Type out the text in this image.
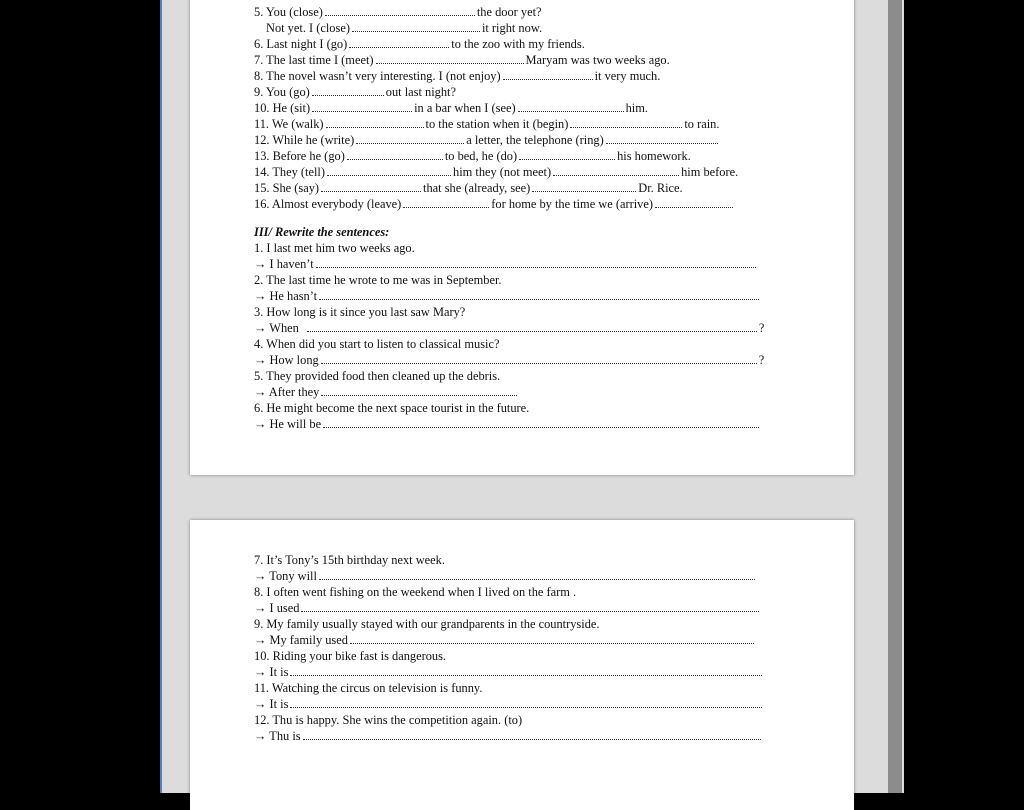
5. You (close)	the door yet?
Not yet. I (close)	it right now.
6. Last night I (go)	to the zoo with my friends.
7. The last time I (meet)	Maryam was two weeks ago.
8. The novel wasn’t very interesting. I (not enjoy)	it very much.
9. You (go)	out last night?
10. He (sit)	in a bar when I (see)	him.
11. We (walk)	to the station when it (begin)	to rain.
12. While he (write)	a letter, the telephone (ring)
13. Before he (go)	to bed, he (do)	his homework.
14. They (tell)	him they (not meet)	him before.
15. She (say)	that she (already, see)	Dr. Rice.
16. Almost everybody (leave)	for home by the time we (arrive)
III/ Rewrite the sentences:
1. I last met him two weeks ago.
→ I haven’t
2. The last time he wrote to me was in September.
→ He hasn’t
3. How long is it since you last saw Mary?
→ When	?
4. When did you start to listen to classical music?
→ How long	?
5. They provided food then cleaned up the debris.
→ After they
6. He might become the next space tourist in the future.
→ He will be
7. It’s Tony’s 15th birthday next week.
→ Tony will
8. I often went fishing on the weekend when I lived on the farm .
→ I used
9. My family usually stayed with our grandparents in the countryside.
→ My family used
10. Riding your bike fast is dangerous.
→ It is
11. Watching the circus on television is funny.
→ It is
12. Thu is happy. She wins the competition again. (to)
→ Thu is
